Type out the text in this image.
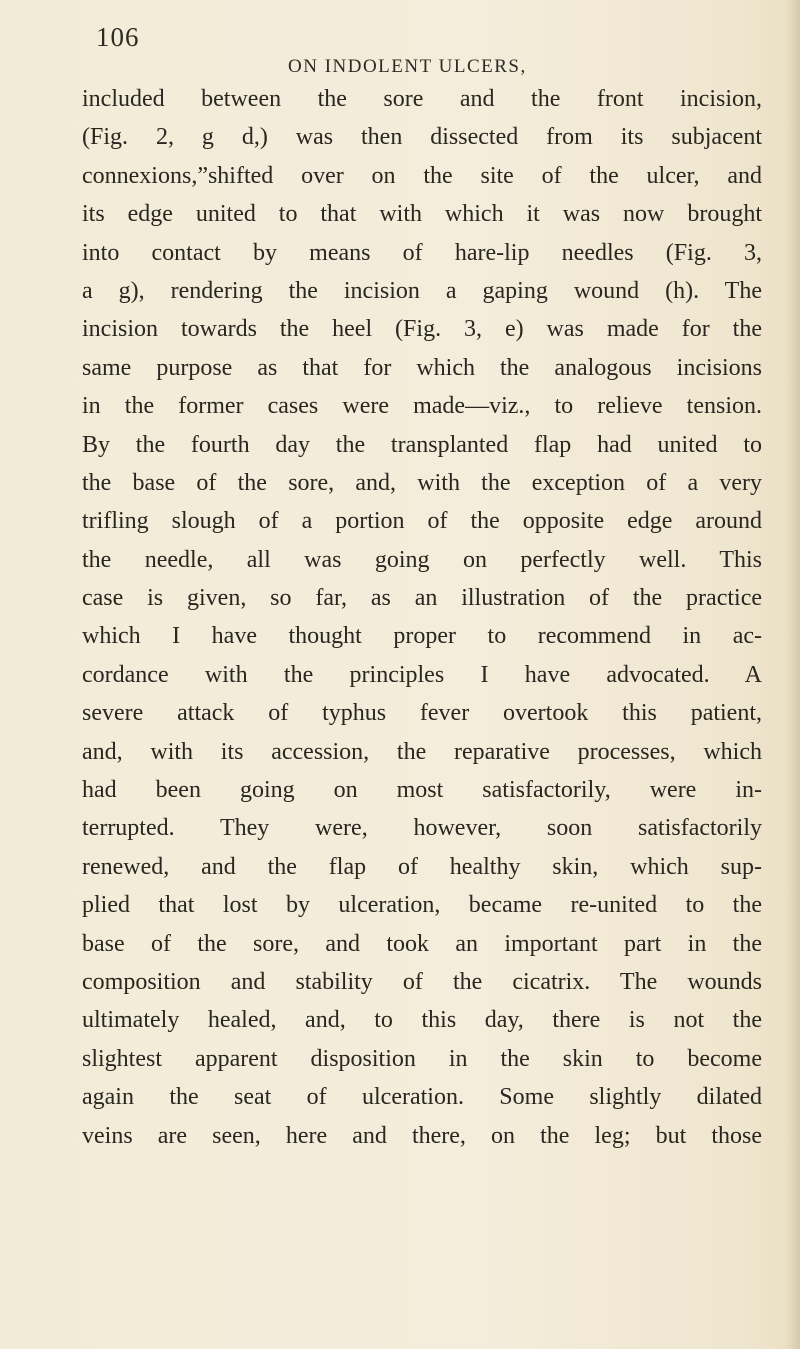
106
ON INDOLENT ULCERS,
included between the sore and the front incision,
(Fig. 2, g d,) was then dissected from its subjacent
connexions,”shifted over on the site of the ulcer, and
its edge united to that with which it was now brought
into contact by means of hare-lip needles (Fig. 3,
a g), rendering the incision a gaping wound (h). The
incision towards the heel (Fig. 3, e) was made for the
same purpose as that for which the analogous incisions
in the former cases were made—viz., to relieve tension.
By the fourth day the transplanted flap had united to
the base of the sore, and, with the exception of a very
trifling slough of a portion of the opposite edge around
the needle, all was going on perfectly well. This
case is given, so far, as an illustration of the practice
which I have thought proper to recommend in ac-
cordance with the principles I have advocated. A
severe attack of typhus fever overtook this patient,
and, with its accession, the reparative processes, which
had been going on most satisfactorily, were in-
terrupted. They were, however, soon satisfactorily
renewed, and the flap of healthy skin, which sup-
plied that lost by ulceration, became re-united to the
base of the sore, and took an important part in the
composition and stability of the cicatrix. The wounds
ultimately healed, and, to this day, there is not the
slightest apparent disposition in the skin to become
again the seat of ulceration. Some slightly dilated
veins are seen, here and there, on the leg; but those
